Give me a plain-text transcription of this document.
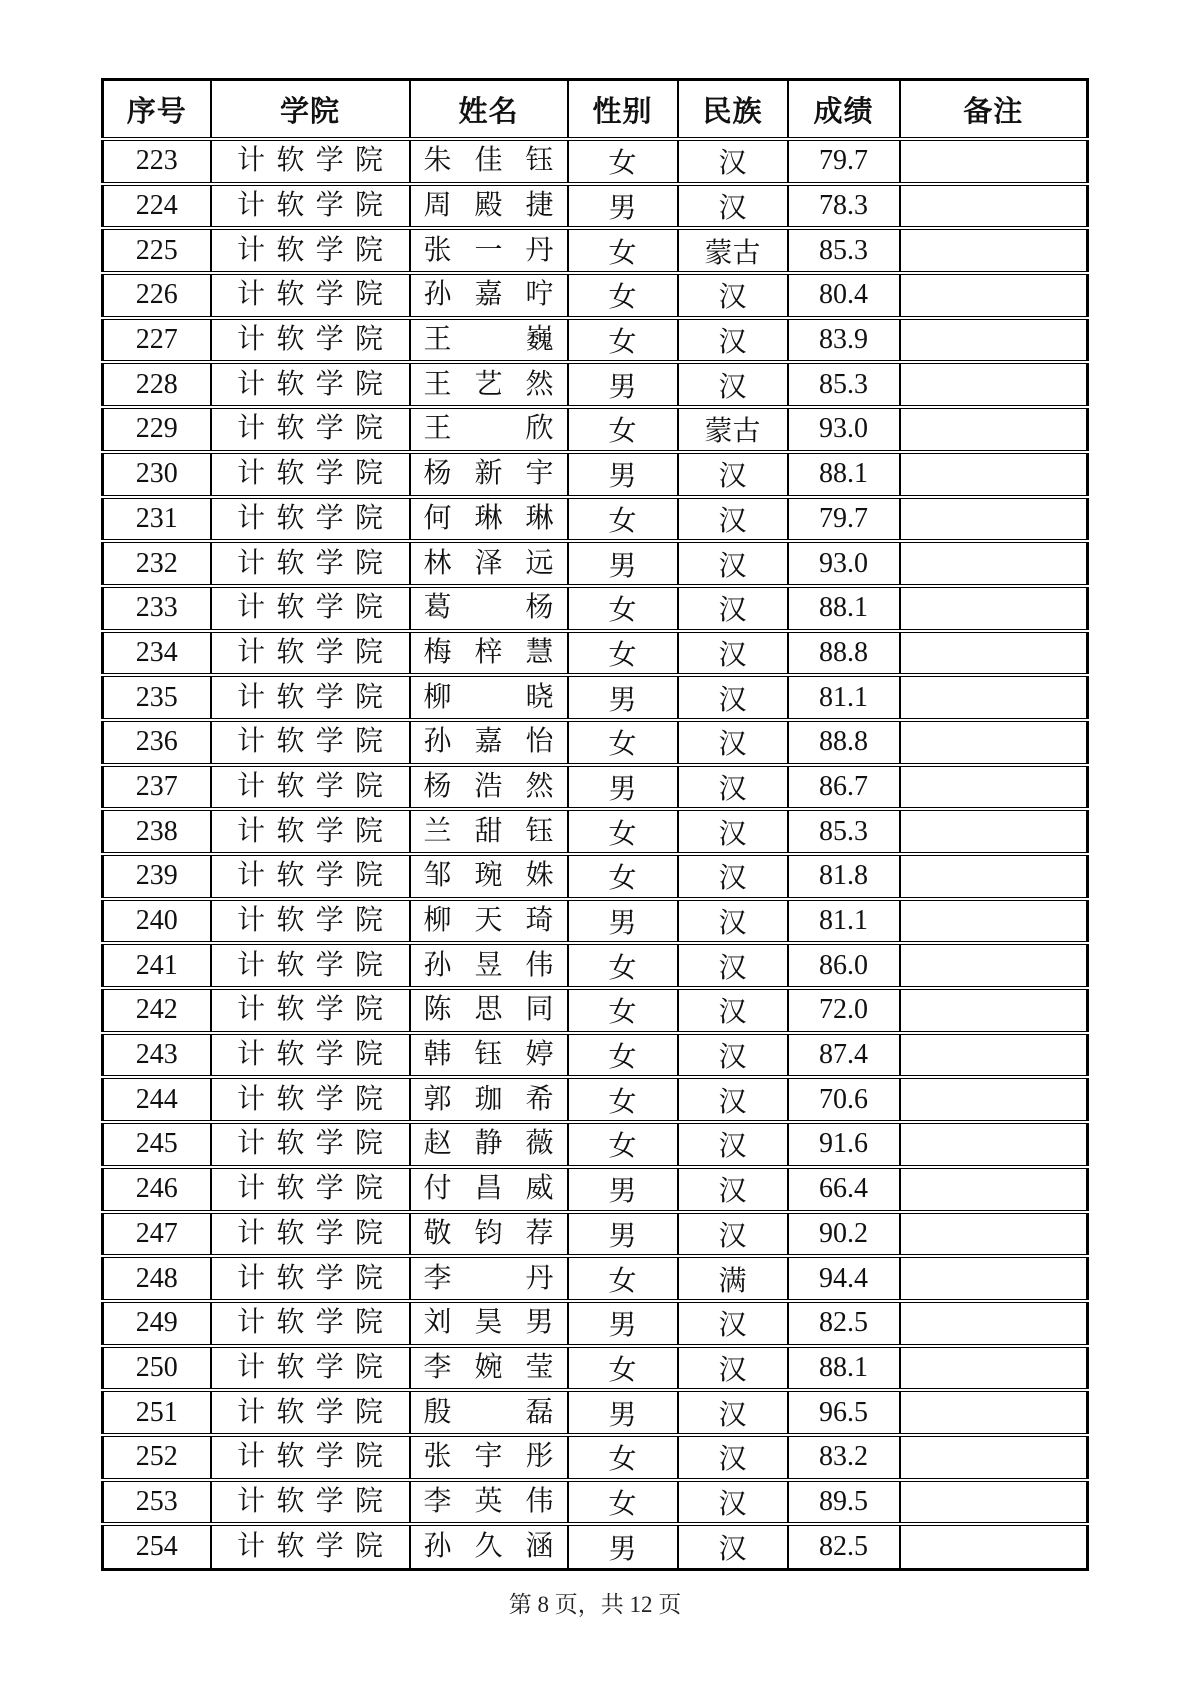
序号	学院	姓名	性别	民族	成绩	备注
223	计软学院	朱佳钰	女	汉	79.7	
224	计软学院	周殿捷	男	汉	78.3	
225	计软学院	张一丹	女	蒙古	85.3	
226	计软学院	孙嘉咛	女	汉	80.4	
227	计软学院	王巍	女	汉	83.9	
228	计软学院	王艺然	男	汉	85.3	
229	计软学院	王欣	女	蒙古	93.0	
230	计软学院	杨新宇	男	汉	88.1	
231	计软学院	何琳琳	女	汉	79.7	
232	计软学院	林泽远	男	汉	93.0	
233	计软学院	葛杨	女	汉	88.1	
234	计软学院	梅梓慧	女	汉	88.8	
235	计软学院	柳晓	男	汉	81.1	
236	计软学院	孙嘉怡	女	汉	88.8	
237	计软学院	杨浩然	男	汉	86.7	
238	计软学院	兰甜钰	女	汉	85.3	
239	计软学院	邹琬姝	女	汉	81.8	
240	计软学院	柳天琦	男	汉	81.1	
241	计软学院	孙昱伟	女	汉	86.0	
242	计软学院	陈思同	女	汉	72.0	
243	计软学院	韩钰婷	女	汉	87.4	
244	计软学院	郭珈希	女	汉	70.6	
245	计软学院	赵静薇	女	汉	91.6	
246	计软学院	付昌威	男	汉	66.4	
247	计软学院	敬钧荐	男	汉	90.2	
248	计软学院	李丹	女	满	94.4	
249	计软学院	刘昊男	男	汉	82.5	
250	计软学院	李婉莹	女	汉	88.1	
251	计软学院	殷磊	男	汉	96.5	
252	计软学院	张宇彤	女	汉	83.2	
253	计软学院	李英伟	女	汉	89.5	
254	计软学院	孙久涵	男	汉	82.5	
第 8 页，共 12 页
